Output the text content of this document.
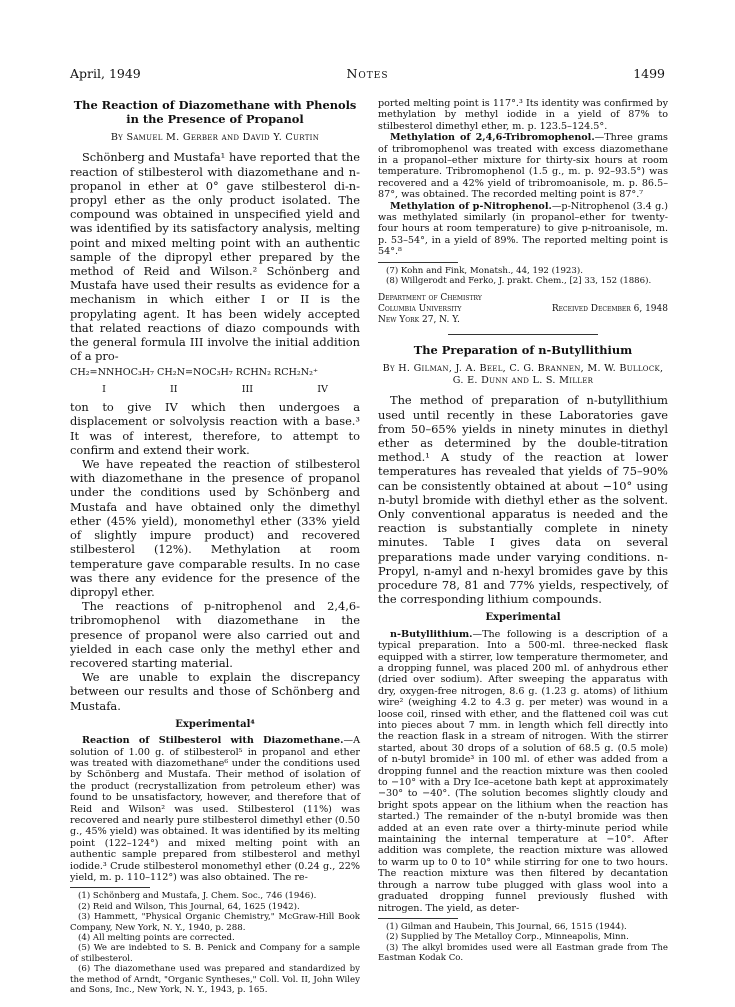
April, 1949	Notes	1499
The Reaction of Diazomethane with Phenols in the Presence of Propanol
By Samuel M. Gerber and David Y. Curtin

Schönberg and Mustafa¹ have reported that the reaction of stilbesterol with diazomethane and n-propanol in ether at 0° gave stilbesterol di-n-propyl ether as the only product isolated. The compound was obtained in unspecified yield and was identified by its satisfactory analysis, melting point and mixed melting point with an authentic sample of the dipropyl ether prepared by the method of Reid and Wilson.² Schönberg and Mustafa have used their results as evidence for a mechanism in which either I or II is the propylating agent. It has been widely accepted that related reactions of diazo compounds with the general formula III involve the initial addition of a pro-

CH₂=NNHOC₃H₇ CH₂N=NOC₃H₇ RCHN₂ RCH₂N₂⁺
I	II	III	IV

ton to give IV which then undergoes a displacement or solvolysis reaction with a base.³ It was of interest, therefore, to attempt to confirm and extend their work.

We have repeated the reaction of stilbesterol with diazomethane in the presence of propanol under the conditions used by Schönberg and Mustafa and have obtained only the dimethyl ether (45% yield), monomethyl ether (33% yield of slightly impure product) and recovered stilbesterol (12%). Methylation at room temperature gave comparable results. In no case was there any evidence for the presence of the dipropyl ether.

The reactions of p-nitrophenol and 2,4,6-tribromophenol with diazomethane in the presence of propanol were also carried out and yielded in each case only the methyl ether and recovered starting material.

We are unable to explain the discrepancy between our results and those of Schönberg and Mustafa.

Experimental⁴

Reaction of Stilbesterol with Diazomethane.—A solution of 1.00 g. of stilbesterol⁵ in propanol and ether was treated with diazomethane⁶ under the conditions used by Schönberg and Mustafa. Their method of isolation of the product (recrystallization from petroleum ether) was found to be unsatisfactory, however, and therefore that of Reid and Wilson² was used. Stilbesterol (11%) was recovered and nearly pure stilbesterol dimethyl ether (0.50 g., 45% yield) was obtained. It was identified by its melting point (122–124°) and mixed melting point with an authentic sample prepared from stilbesterol and methyl iodide.³ Crude stilbesterol monomethyl ether (0.24 g., 22% yield, m. p. 110–112°) was also obtained. The re-

(1) Schönberg and Mustafa, J. Chem. Soc., 746 (1946).
(2) Reid and Wilson, This Journal, 64, 1625 (1942).
(3) Hammett, "Physical Organic Chemistry," McGraw-Hill Book Company, New York, N. Y., 1940, p. 288.
(4) All melting points are corrected.
(5) We are indebted to S. B. Penick and Company for a sample of stilbesterol.
(6) The diazomethane used was prepared and standardized by the method of Arndt, "Organic Syntheses," Coll. Vol. II, John Wiley and Sons, Inc., New York, N. Y., 1943, p. 165.

ported melting point is 117°.³ Its identity was confirmed by methylation by methyl iodide in a yield of 87% to stilbesterol dimethyl ether, m. p. 123.5–124.5°.

Methylation of 2,4,6-Tribromophenol.—Three grams of tribromophenol was treated with excess diazomethane in a propanol–ether mixture for thirty-six hours at room temperature. Tribromophenol (1.5 g., m. p. 92–93.5°) was recovered and a 42% yield of tribromoanisole, m. p. 86.5–87°, was obtained. The recorded melting point is 87°.⁷

Methylation of p-Nitrophenol.—p-Nitrophenol (3.4 g.) was methylated similarly (in propanol–ether for twenty-four hours at room temperature) to give p-nitroanisole, m. p. 53–54°, in a yield of 89%. The reported melting point is 54°.⁸

(7) Kohn and Fink, Monatsh., 44, 192 (1923).
(8) Willgerodt and Ferko, J. prakt. Chem., [2] 33, 152 (1886).
Department of Chemistry
Columbia University	Received December 6, 1948
New York 27, N. Y.
The Preparation of n-Butyllithium
By H. Gilman, J. A. Beel, C. G. Brannen, M. W. Bullock, G. E. Dunn and L. S. Miller

The method of preparation of n-butyllithium used until recently in these Laboratories gave from 50–65% yields in ninety minutes in diethyl ether as determined by the double-titration method.¹ A study of the reaction at lower temperatures has revealed that yields of 75–90% can be consistently obtained at about −10° using n-butyl bromide with diethyl ether as the solvent. Only conventional apparatus is needed and the reaction is substantially complete in ninety minutes. Table I gives data on several preparations made under varying conditions. n-Propyl, n-amyl and n-hexyl bromides gave by this procedure 78, 81 and 77% yields, respectively, of the corresponding lithium compounds.

Experimental

n-Butyllithium.—The following is a description of a typical preparation. Into a 500-ml. three-necked flask equipped with a stirrer, low temperature thermometer, and a dropping funnel, was placed 200 ml. of anhydrous ether (dried over sodium). After sweeping the apparatus with dry, oxygen-free nitrogen, 8.6 g. (1.23 g. atoms) of lithium wire² (weighing 4.2 to 4.3 g. per meter) was wound in a loose coil, rinsed with ether, and the flattened coil was cut into pieces about 7 mm. in length which fell directly into the reaction flask in a stream of nitrogen. With the stirrer started, about 30 drops of a solution of 68.5 g. (0.5 mole) of n-butyl bromide³ in 100 ml. of ether was added from a dropping funnel and the reaction mixture was then cooled to −10° with a Dry Ice–acetone bath kept at approximately −30° to −40°. (The solution becomes slightly cloudy and bright spots appear on the lithium when the reaction has started.) The remainder of the n-butyl bromide was then added at an even rate over a thirty-minute period while maintaining the internal temperature at −10°. After addition was complete, the reaction mixture was allowed to warm up to 0 to 10° while stirring for one to two hours. The reaction mixture was then filtered by decantation through a narrow tube plugged with glass wool into a graduated dropping funnel previously flushed with nitrogen. The yield, as deter-

(1) Gilman and Haubein, This Journal, 66, 1515 (1944).
(2) Supplied by The Metalloy Corp., Minneapolis, Minn.
(3) The alkyl bromides used were all Eastman grade from The Eastman Kodak Co.
